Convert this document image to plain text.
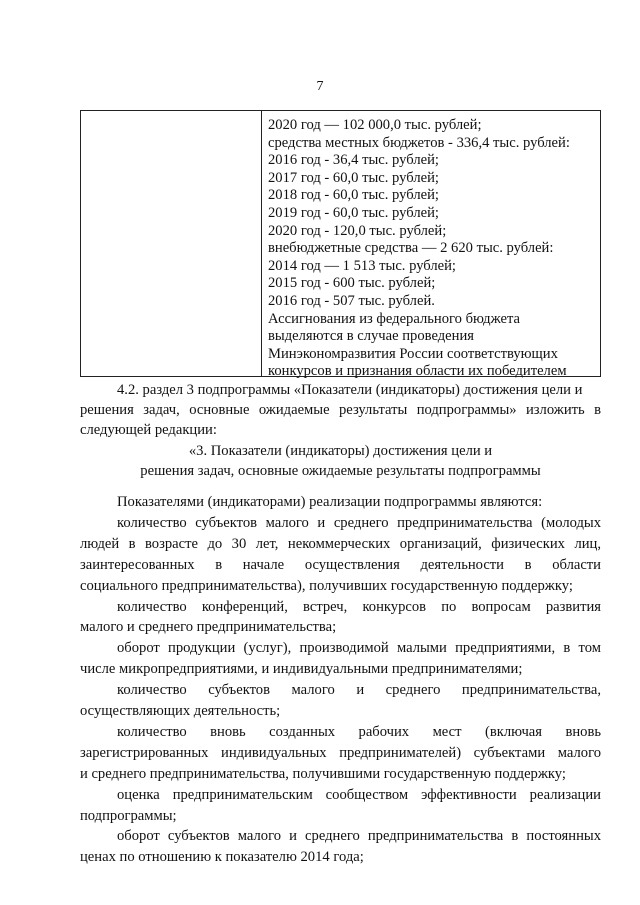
7
2020 год — 102 000,0 тыс. рублей;
средства местных бюджетов - 336,4 тыс. рублей:
2016 год - 36,4 тыс. рублей;
2017 год - 60,0 тыс. рублей;
2018 год - 60,0 тыс. рублей;
2019 год - 60,0 тыс. рублей;
2020 год - 120,0 тыс. рублей;
внебюджетные средства — 2 620 тыс. рублей:
2014 год — 1 513 тыс. рублей;
2015 год - 600 тыс. рублей;
2016 год - 507 тыс. рублей.
Ассигнования из федерального бюджета
выделяются в случае проведения
Минэкономразвития России соответствующих
конкурсов и признания области их победителем
4.2. раздел 3 подпрограммы «Показатели (индикаторы) достижения цели и
решения задач, основные ожидаемые результаты подпрограммы» изложить в
следующей редакции:
«3. Показатели (индикаторы) достижения цели и
решения задач, основные ожидаемые результаты подпрограммы
Показателями (индикаторами) реализации подпрограммы являются:
количество субъектов малого и среднего предпринимательства (молодых
людей в возрасте до 30 лет, некоммерческих организаций, физических лиц,
заинтересованных в начале осуществления деятельности в области
социального предпринимательства), получивших государственную поддержку;
количество конференций, встреч, конкурсов по вопросам развития
малого и среднего предпринимательства;
оборот продукции (услуг), производимой малыми предприятиями, в том
числе микропредприятиями, и индивидуальными предпринимателями;
количество субъектов малого и среднего предпринимательства,
осуществляющих деятельность;
количество вновь созданных рабочих мест (включая вновь
зарегистрированных индивидуальных предпринимателей) субъектами малого
и среднего предпринимательства, получившими государственную поддержку;
оценка предпринимательским сообществом эффективности реализации
подпрограммы;
оборот субъектов малого и среднего предпринимательства в постоянных
ценах по отношению к показателю 2014 года;
